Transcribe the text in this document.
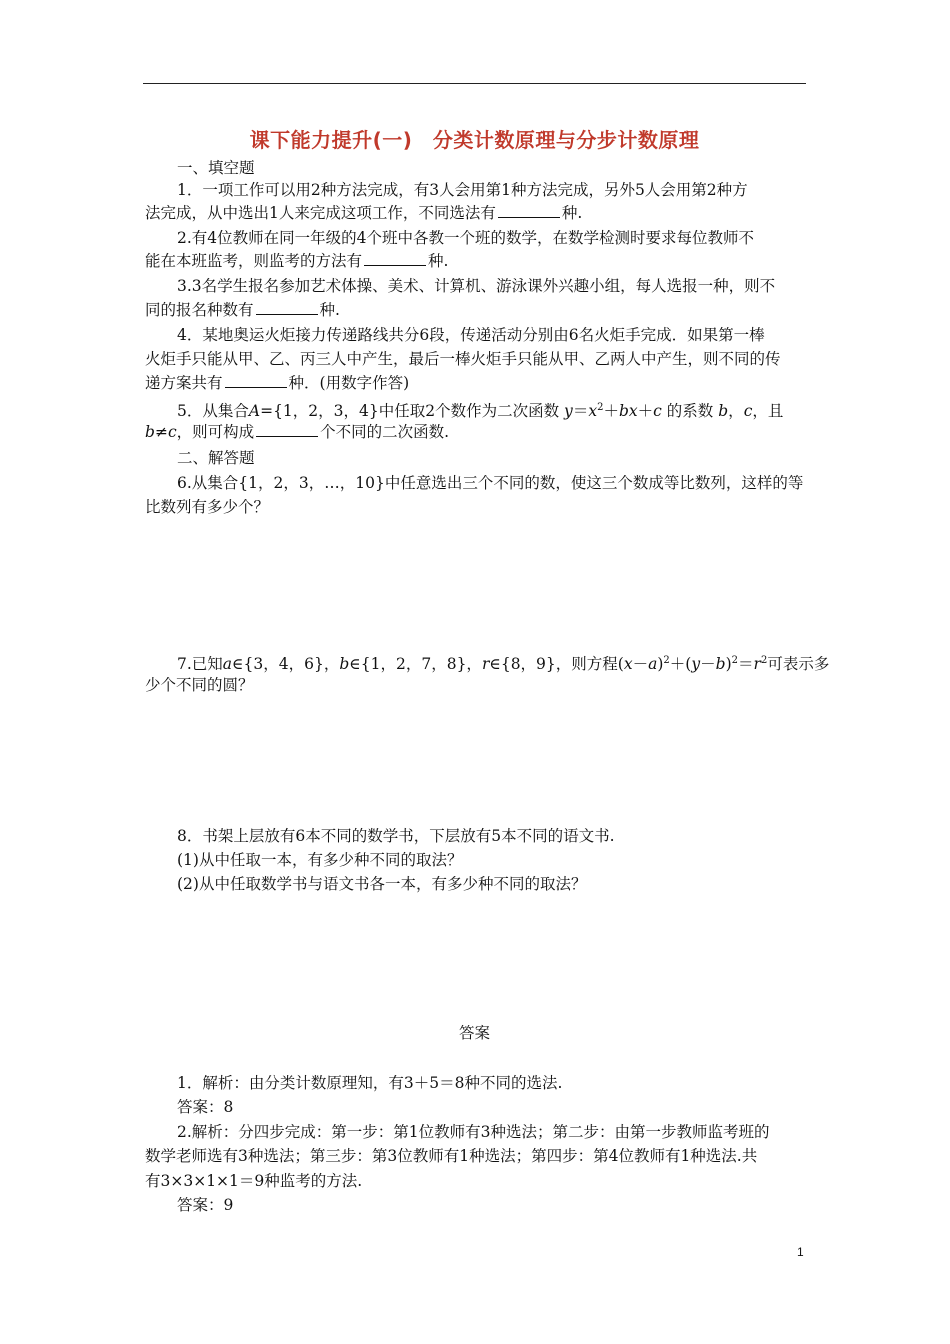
课下能力提升(一)　分类计数原理与分步计数原理
一、填空题
1．一项工作可以用2种方法完成，有3人会用第1种方法完成，另外5人会用第2种方
法完成，从中选出1人来完成这项工作，不同选法有	种.
2.有4位教师在同一年级的4个班中各教一个班的数学，在数学检测时要求每位教师不
能在本班监考，则监考的方法有	种.
3.3名学生报名参加艺术体操、美术、计算机、游泳课外兴趣小组，每人选报一种，则不
同的报名种数有	种.
4．某地奥运火炬接力传递路线共分6段，传递活动分别由6名火炬手完成．如果第一棒
火炬手只能从甲、乙、丙三人中产生，最后一棒火炬手只能从甲、乙两人中产生，则不同的传
递方案共有	种．(用数字作答)
5．从集合A={1，2，3，4}中任取2个数作为二次函数 $y=x^2+bx+c$ 的系数 b，c，且
b≠c，则可构成	个不同的二次函数.
二、解答题
6.从集合{1，2，3，…，10}中任意选出三个不同的数，使这三个数成等比数列，这样的等
比数列有多少个？
7.已知a∈{3，4，6}，b∈{1，2，7，8}，r∈{8，9}，则方程$(x-a)^2+(y-b)^2=r^2$可表示多
少个不同的圆？
8．书架上层放有6本不同的数学书，下层放有5本不同的语文书.
(1)从中任取一本，有多少种不同的取法？
(2)从中任取数学书与语文书各一本，有多少种不同的取法？
答案
1．解析：由分类计数原理知，有3＋5＝8种不同的选法.
答案：8
2.解析：分四步完成：第一步：第1位教师有3种选法；第二步：由第一步教师监考班的
数学老师选有3种选法；第三步：第3位教师有1种选法；第四步：第4位教师有1种选法.共
有3×3×1×1＝9种监考的方法.
答案：9
1
